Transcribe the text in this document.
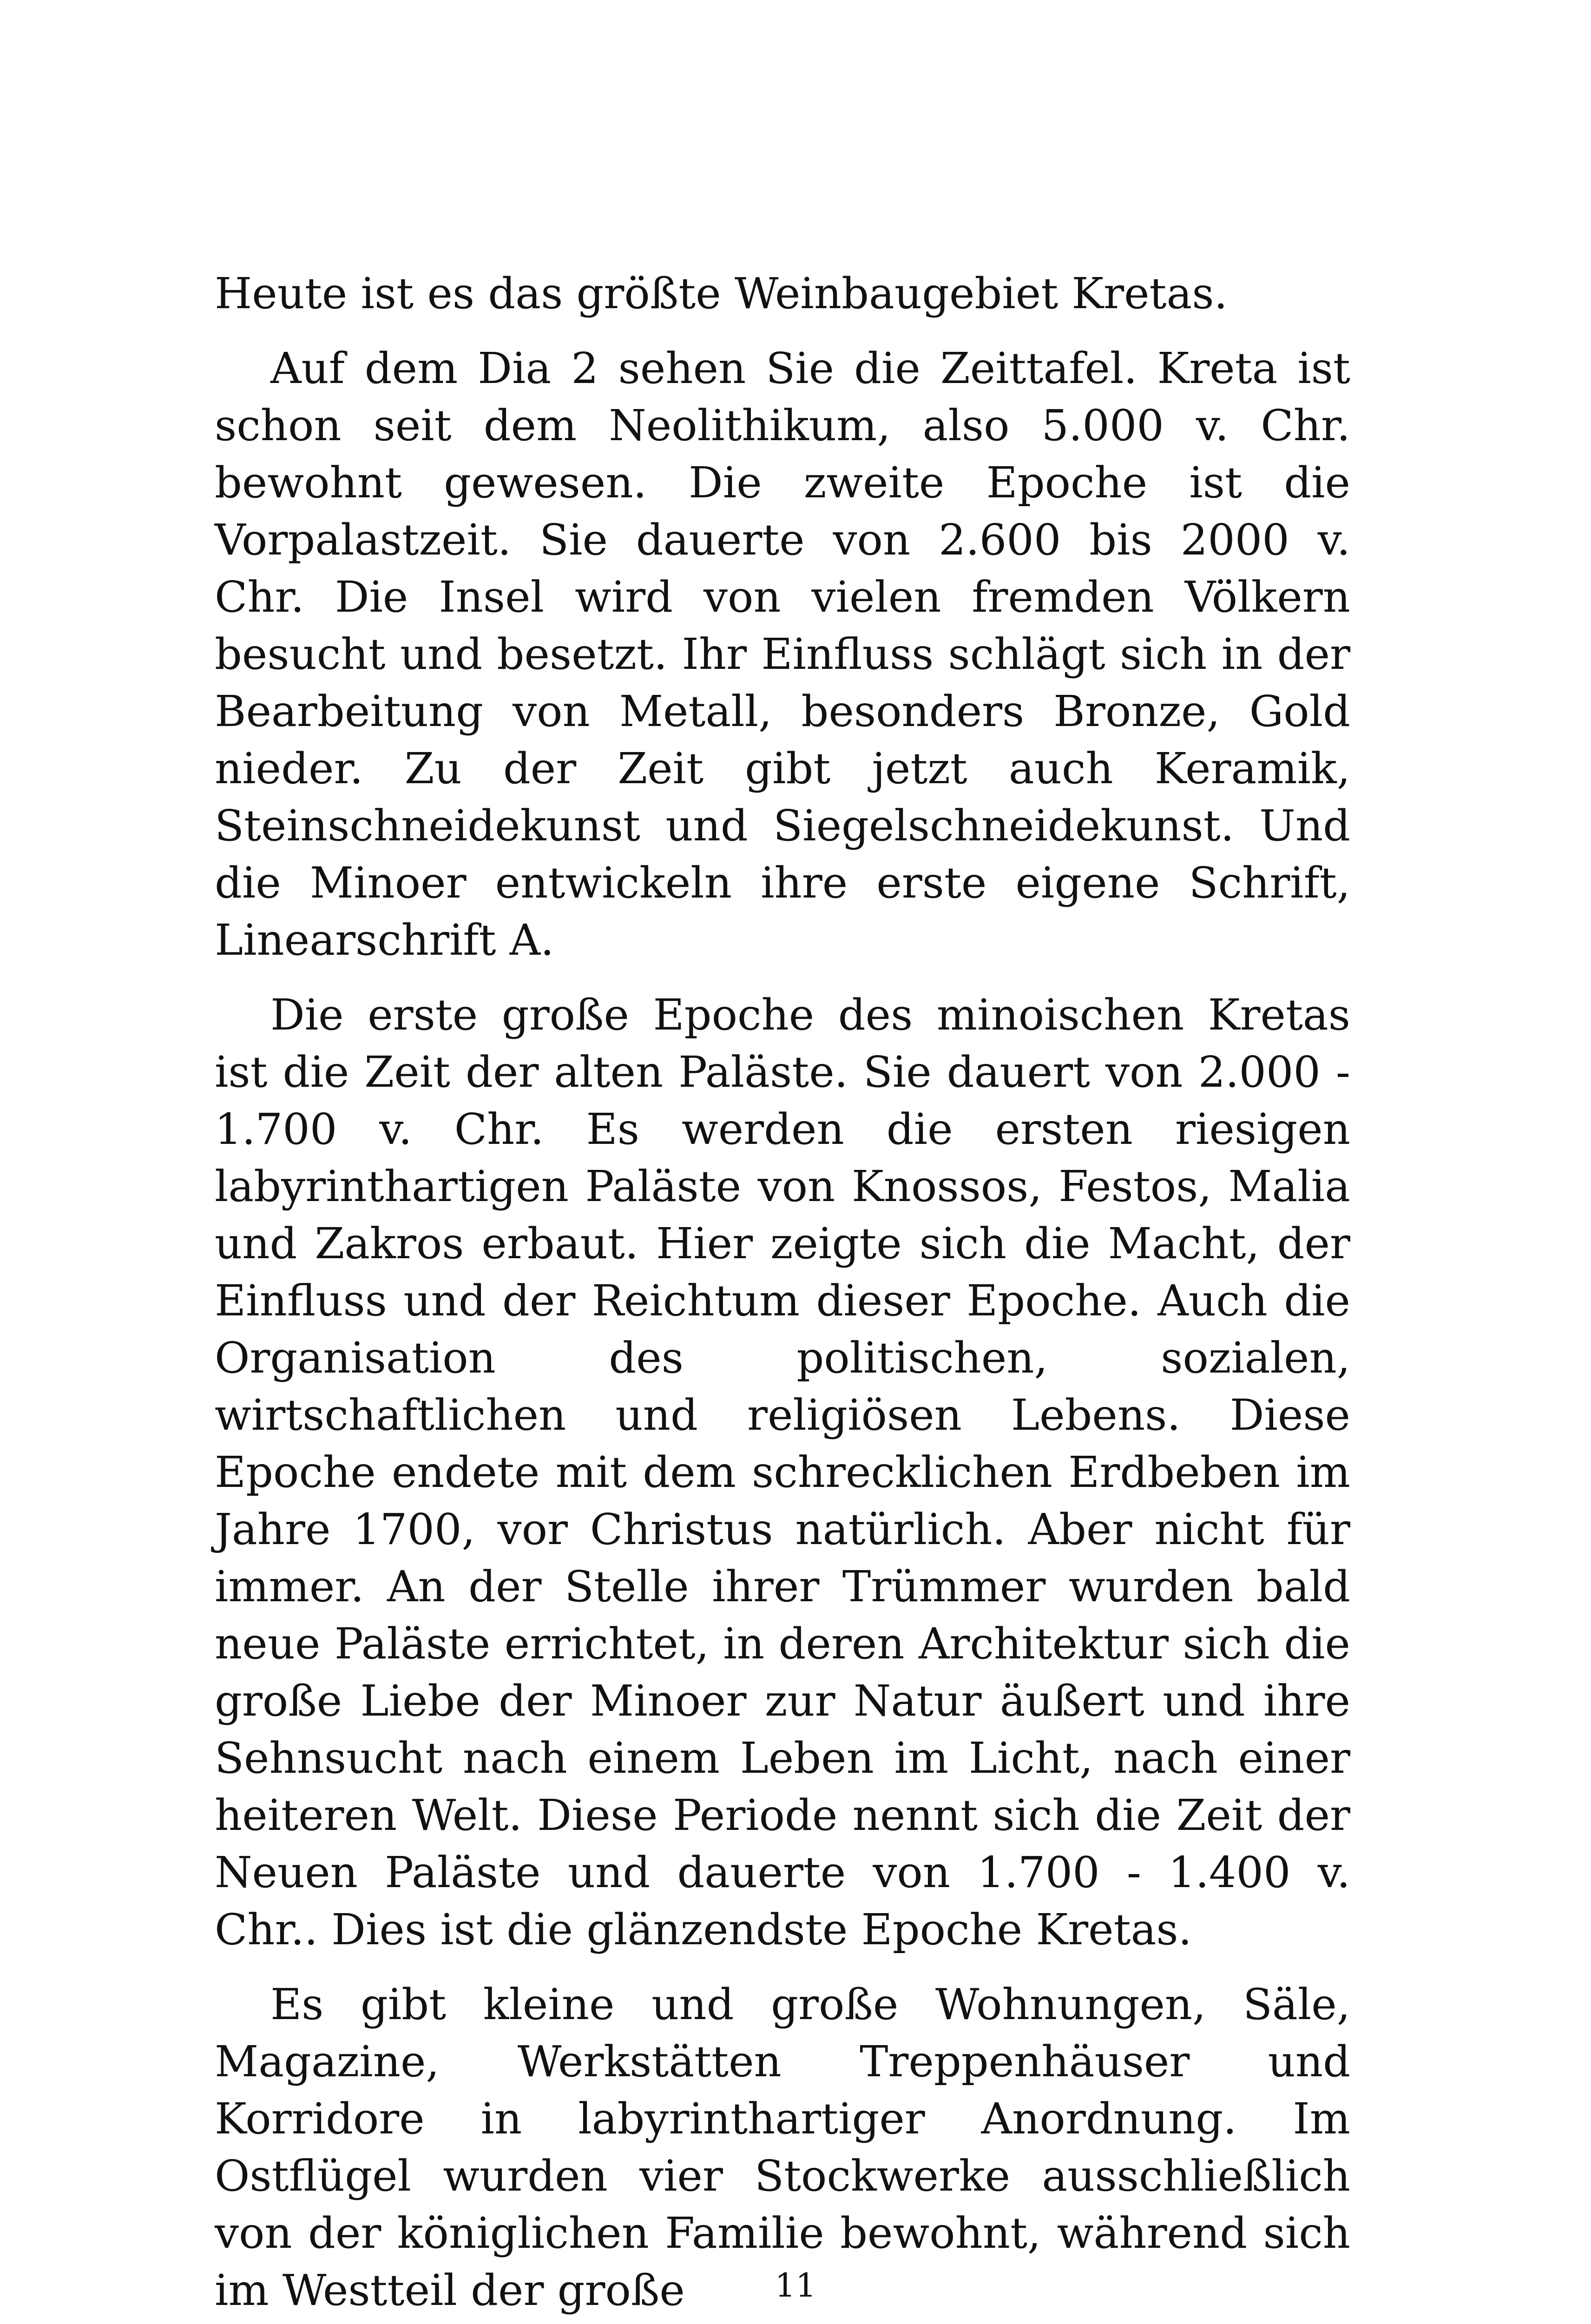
Heute ist es das größte Weinbaugebiet Kretas.

Auf dem Dia 2 sehen Sie die Zeittafel. Kreta ist schon seit dem Neolithikum, also 5.000 v. Chr. bewohnt gewesen. Die zweite Epoche ist die Vorpalastzeit. Sie dauerte von 2.600 bis 2000 v. Chr. Die Insel wird von vielen fremden Völkern besucht und besetzt. Ihr Einfluss schlägt sich in der Bearbeitung von Metall, besonders Bronze, Gold nieder. Zu der Zeit gibt jetzt auch Keramik, Steinschneidekunst und Siegelschneidekunst. Und die Minoer entwickeln ihre erste eigene Schrift, Linearschrift A.

Die erste große Epoche des minoischen Kretas ist die Zeit der alten Paläste. Sie dauert von 2.000 - 1.700 v. Chr. Es werden die ersten riesigen labyrinthartigen Paläste von Knossos, Festos, Malia und Zakros erbaut. Hier zeigte sich die Macht, der Einfluss und der Reichtum dieser Epoche. Auch die Organisation des politischen, sozialen, wirtschaftlichen und religiösen Lebens. Diese Epoche endete mit dem schrecklichen Erdbeben im Jahre 1700, vor Christus natürlich. Aber nicht für immer. An der Stelle ihrer Trümmer wurden bald neue Paläste errichtet, in deren Architektur sich die große Liebe der Minoer zur Natur äußert und ihre Sehnsucht nach einem Leben im Licht, nach einer heiteren Welt. Diese Periode nennt sich die Zeit der Neuen Paläste und dauerte von 1.700 - 1.400 v. Chr.. Dies ist die glänzendste Epoche Kretas.

Es gibt kleine und große Wohnungen, Säle, Magazine, Werkstätten Treppenhäuser und Korridore in labyrinthartiger Anordnung. Im Ostflügel wurden vier Stockwerke ausschließlich von der königlichen Familie bewohnt, während sich im Westteil der große	11
